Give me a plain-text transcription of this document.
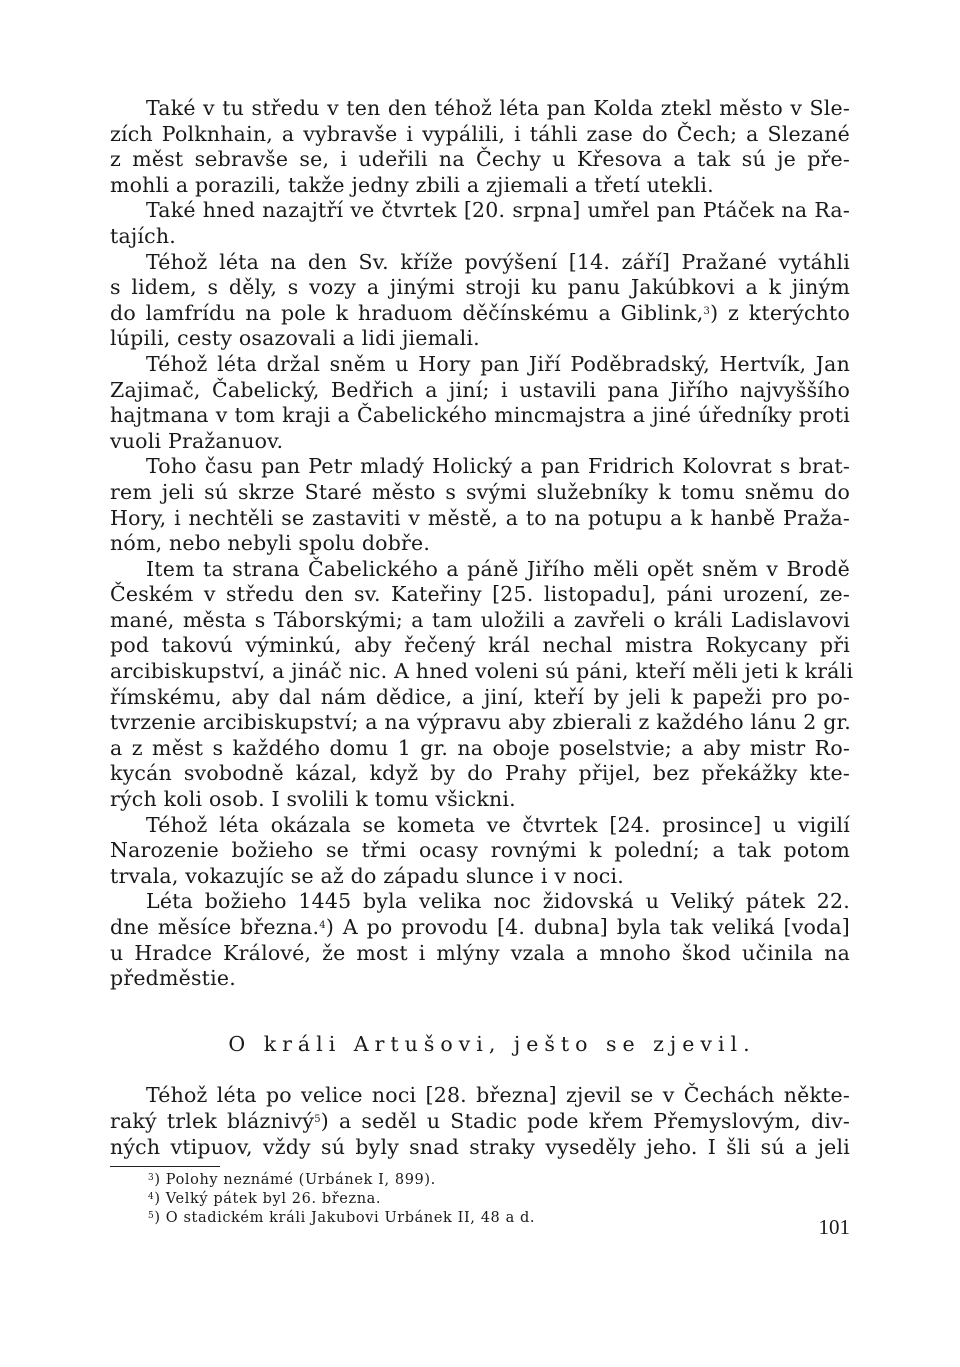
Také v tu středu v ten den téhož léta pan Kolda ztekl město v Sle-
zích Polknhain, a vybravše i vypálili, i táhli zase do Čech; a Slezané
z měst sebravše se, i udeřili na Čechy u Křesova a tak sú je pře-
mohli a porazili, takže jedny zbili a zjiemali a třetí utekli.
Také hned nazajtří ve čtvrtek [20. srpna] umřel pan Ptáček na Ra-
tajích.
Téhož léta na den Sv. kříže povýšení [14. září] Pražané vytáhli
s lidem, s děly, s vozy a jinými stroji ku panu Jakúbkovi a k jiným
do lamfrídu na pole k hraduom děčínskému a Giblink,$^3$) z kterýchto
lúpili, cesty osazovali a lidi jiemali.
Téhož léta držal sněm u Hory pan Jiří Poděbradský, Hertvík, Jan
Zajimač, Čabelický, Bedřich a jiní; i ustavili pana Jiřího najvyššího
hajtmana v tom kraji a Čabelického mincmajstra a jiné úředníky proti
vuoli Pražanuov.
Toho času pan Petr mladý Holický a pan Fridrich Kolovrat s brat-
rem jeli sú skrze Staré město s svými služebníky k tomu sněmu do
Hory, i nechtěli se zastaviti v městě, a to na potupu a k hanbě Praža-
nóm, nebo nebyli spolu dobře.
Item ta strana Čabelického a páně Jiřího měli opět sněm v Brodě
Českém v středu den sv. Kateřiny [25. listopadu], páni urození, ze-
mané, města s Táborskými; a tam uložili a zavřeli o králi Ladislavovi
pod takovú výminkú, aby řečený král nechal mistra Rokycany při
arcibiskupství, a jináč nic. A hned voleni sú páni, kteří měli jeti k králi
římskému, aby dal nám dědice, a jiní, kteří by jeli k papeži pro po-
tvrzenie arcibiskupství; a na výpravu aby zbierali z každého lánu 2 gr.
a z měst s každého domu 1 gr. na oboje poselstvie; a aby mistr Ro-
kycán svobodně kázal, když by do Prahy přijel, bez překážky kte-
rých koli osob. I svolili k tomu všickni.
Téhož léta okázala se kometa ve čtvrtek [24. prosince] u vigilí
Narozenie božieho se třmi ocasy rovnými k polední; a tak potom
trvala, vokazujíc se až do západu slunce i v noci.
Léta božieho 1445 byla velika noc židovská u Veliký pátek 22.
dne měsíce března.$^4$) A po provodu [4. dubna] byla tak veliká [voda]
u Hradce Králové, že most i mlýny vzala a mnoho škod učinila na
předměstie.
O králi Artušovi, ješto se zjevil.
Téhož léta po velice noci [28. března] zjevil se v Čechách někte-
raký trlek bláznivý$^5$) a seděl u Stadic pode křem Přemyslovým, div-
ných vtipuov, vždy sú byly snad straky vyseděly jeho. I šli sú a jeli
$^3$) Polohy neznámé (Urbánek I, 899).
$^4$) Velký pátek byl 26. března.
$^5$) O stadickém králi Jakubovi Urbánek II, 48 a d.	101
